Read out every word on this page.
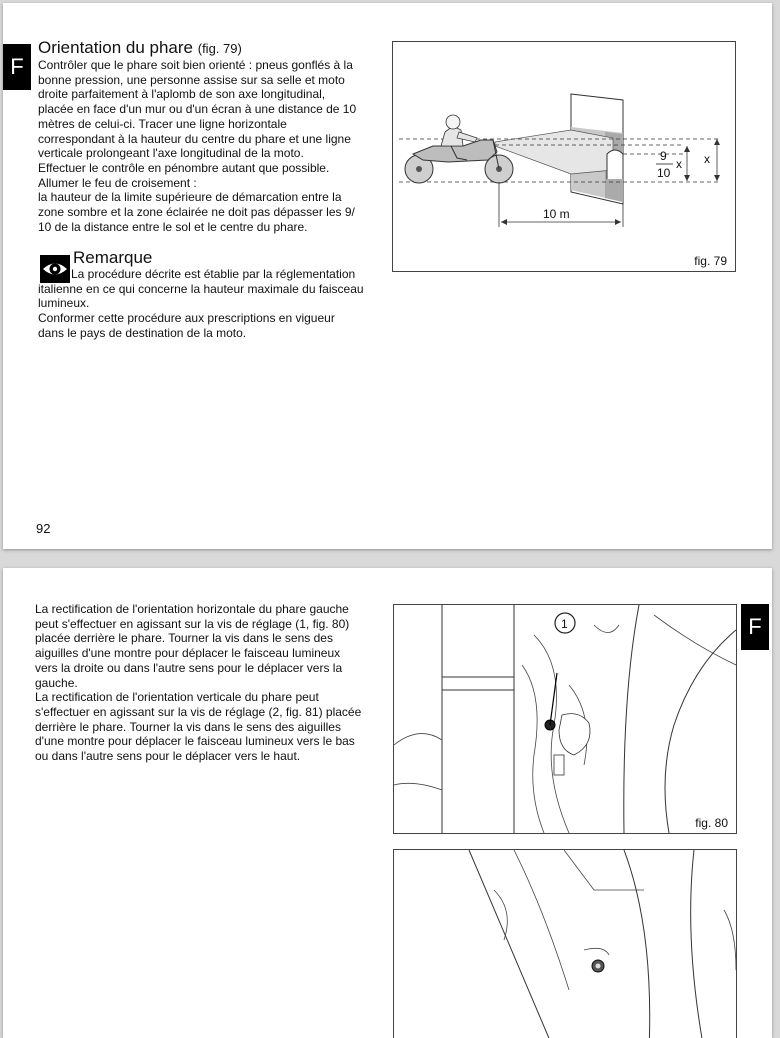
F
Orientation du phare (fig. 79)
Contrôler que le phare soit bien orienté : pneus gonflés à la
bonne pression, une personne assise sur sa selle et moto
droite parfaitement à l'aplomb de son axe longitudinal,
placée en face d'un mur ou d'un écran à une distance de 10
mètres de celui-ci. Tracer une ligne horizontale
correspondant à la hauteur du centre du phare et une ligne
verticale prolongeant l'axe longitudinal de la moto.
Effectuer le contrôle en pénombre autant que possible.
Allumer le feu de croisement :
la hauteur de la limite supérieure de démarcation entre la
zone sombre et la zone éclairée ne doit pas dépasser les 9/
10 de la distance entre le sol et le centre du phare.
Remarque
La procédure décrite est établie par la réglementation
italienne en ce qui concerne la hauteur maximale du faisceau
lumineux.
Conformer cette procédure aux prescriptions en vigueur
dans le pays de destination de la moto.
10 m
9
10
x x
fig. 79
92
F
La rectification de l'orientation horizontale du phare gauche
peut s'effectuer en agissant sur la vis de réglage (1, fig. 80)
placée derrière le phare. Tourner la vis dans le sens des
aiguilles d'une montre pour déplacer le faisceau lumineux
vers la droite ou dans l'autre sens pour le déplacer vers la
gauche.
La rectification de l'orientation verticale du phare peut
s'effectuer en agissant sur la vis de réglage (2, fig. 81) placée
derrière le phare. Tourner la vis dans le sens des aiguilles
d'une montre pour déplacer le faisceau lumineux vers le bas
ou dans l'autre sens pour le déplacer vers le haut.
1
fig. 80
